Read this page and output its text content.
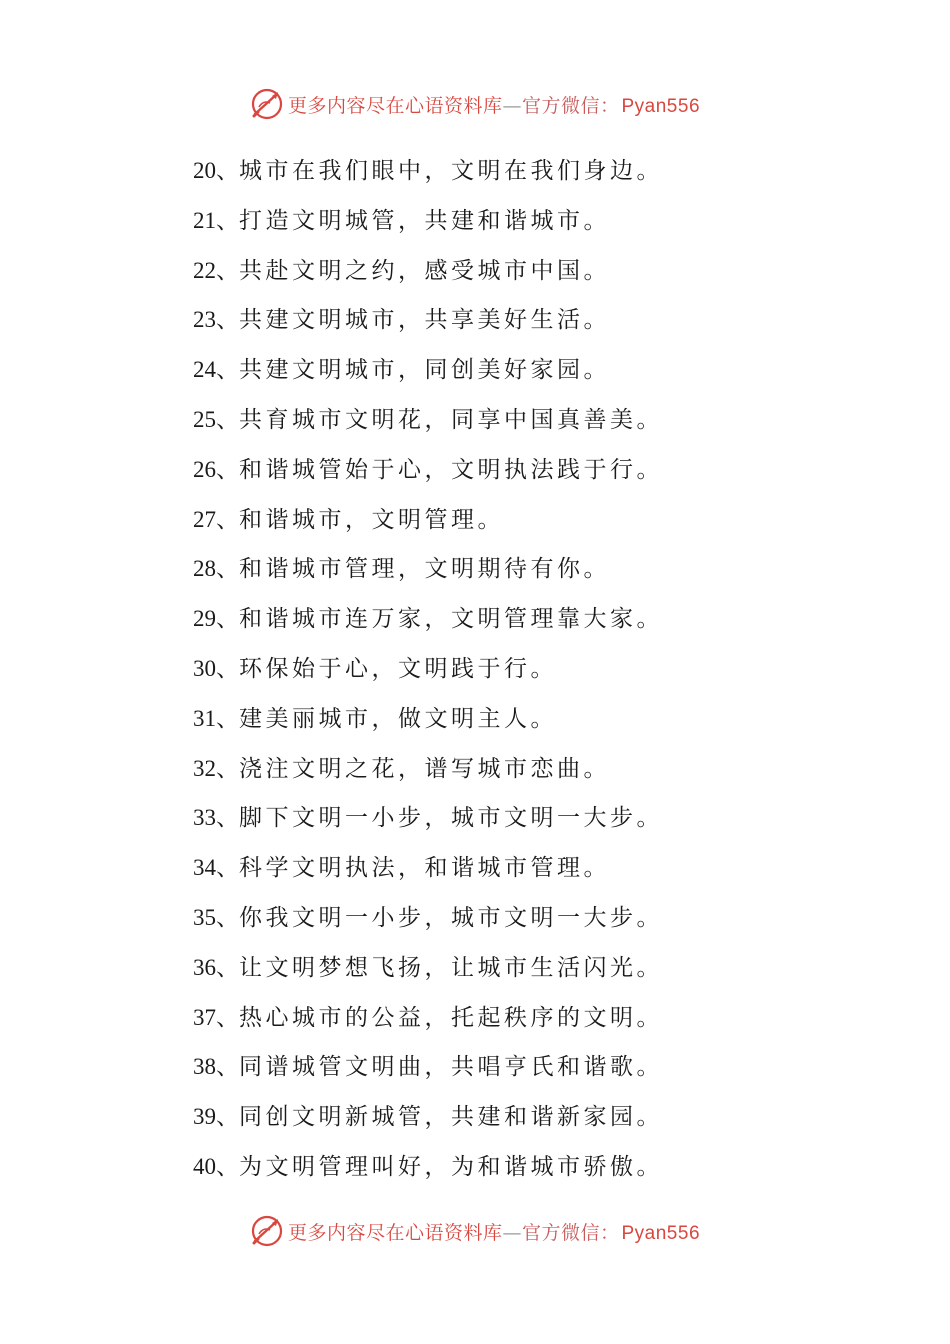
更多内容尽在心语资料库—官方微信： Pyan556
20、城市在我们眼中，文明在我们身边。
21、打造文明城管，共建和谐城市。
22、共赴文明之约，感受城市中国。
23、共建文明城市，共享美好生活。
24、共建文明城市，同创美好家园。
25、共育城市文明花，同享中国真善美。
26、和谐城管始于心，文明执法践于行。
27、和谐城市，文明管理。
28、和谐城市管理，文明期待有你。
29、和谐城市连万家，文明管理靠大家。
30、环保始于心，文明践于行。
31、建美丽城市，做文明主人。
32、浇注文明之花，谱写城市恋曲。
33、脚下文明一小步，城市文明一大步。
34、科学文明执法，和谐城市管理。
35、你我文明一小步，城市文明一大步。
36、让文明梦想飞扬，让城市生活闪光。
37、热心城市的公益，托起秩序的文明。
38、同谱城管文明曲，共唱亨氏和谐歌。
39、同创文明新城管，共建和谐新家园。
40、为文明管理叫好，为和谐城市骄傲。
更多内容尽在心语资料库—官方微信： Pyan556
